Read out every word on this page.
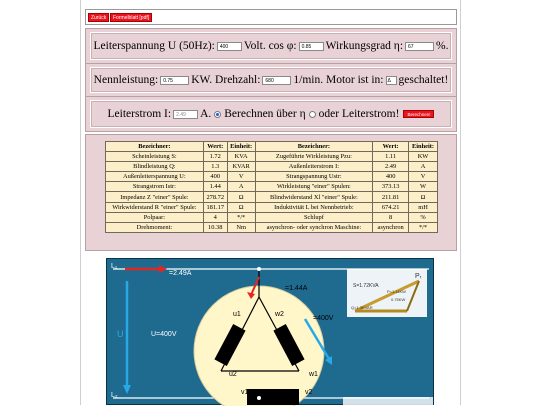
Zurück	Formelblatt [pdf]
Leiterspannung U (50Hz):	400	Volt. cos φ:	0.85	Wirkungsgrad η:	67	%.
Nennleistung:	0.75	KW. Drehzahl:	680	1/min. Motor ist in: Δ geschaltet!
Leiterstrom I:	2.49	A. Berechnen über η oder Leiterstrom!	Berechnen!
Bezeichner:	Wert:	Einheit:	Bezeichner:	Wert:	Einheit:
Scheinleistung S:	1.72	KVA	Zugeführte Wirkleistung Pzu:	1.11	KW
Blindleistung Q:	1.3	KVAR	Außenleiterstrom I:	2.49	A
Außenleiterspannung U:	400	V	Strangspannung Ustr:	400	V
Strangstrom Istr:	1.44	A	Wirkleistung "einer" Spulen:	373.13	W
Impedanz Z "einer" Spule:	278.72	Ω	Blindwiderstand Xl "einer" Spule:	211.81	Ω
Wirkwiderstand R "einer" Spule:	181.17	Ω	Induktivität L bei Nennbetrieb:	674.21	mH
Polpaar:	4	*/*	Schlupf	8	%
Drehmoment:	10.38	Nm	asynchron- oder synchron Maschine:	asynchron	*/*
L₁
L₂
=2.49A
U	U=400V
=1.44A
=400V
u1	w2
u2	w1
v1	v2
S=1.72KVA
P=1.11KW
0.75KW
Q=1.3KVAR
Pᵣ
